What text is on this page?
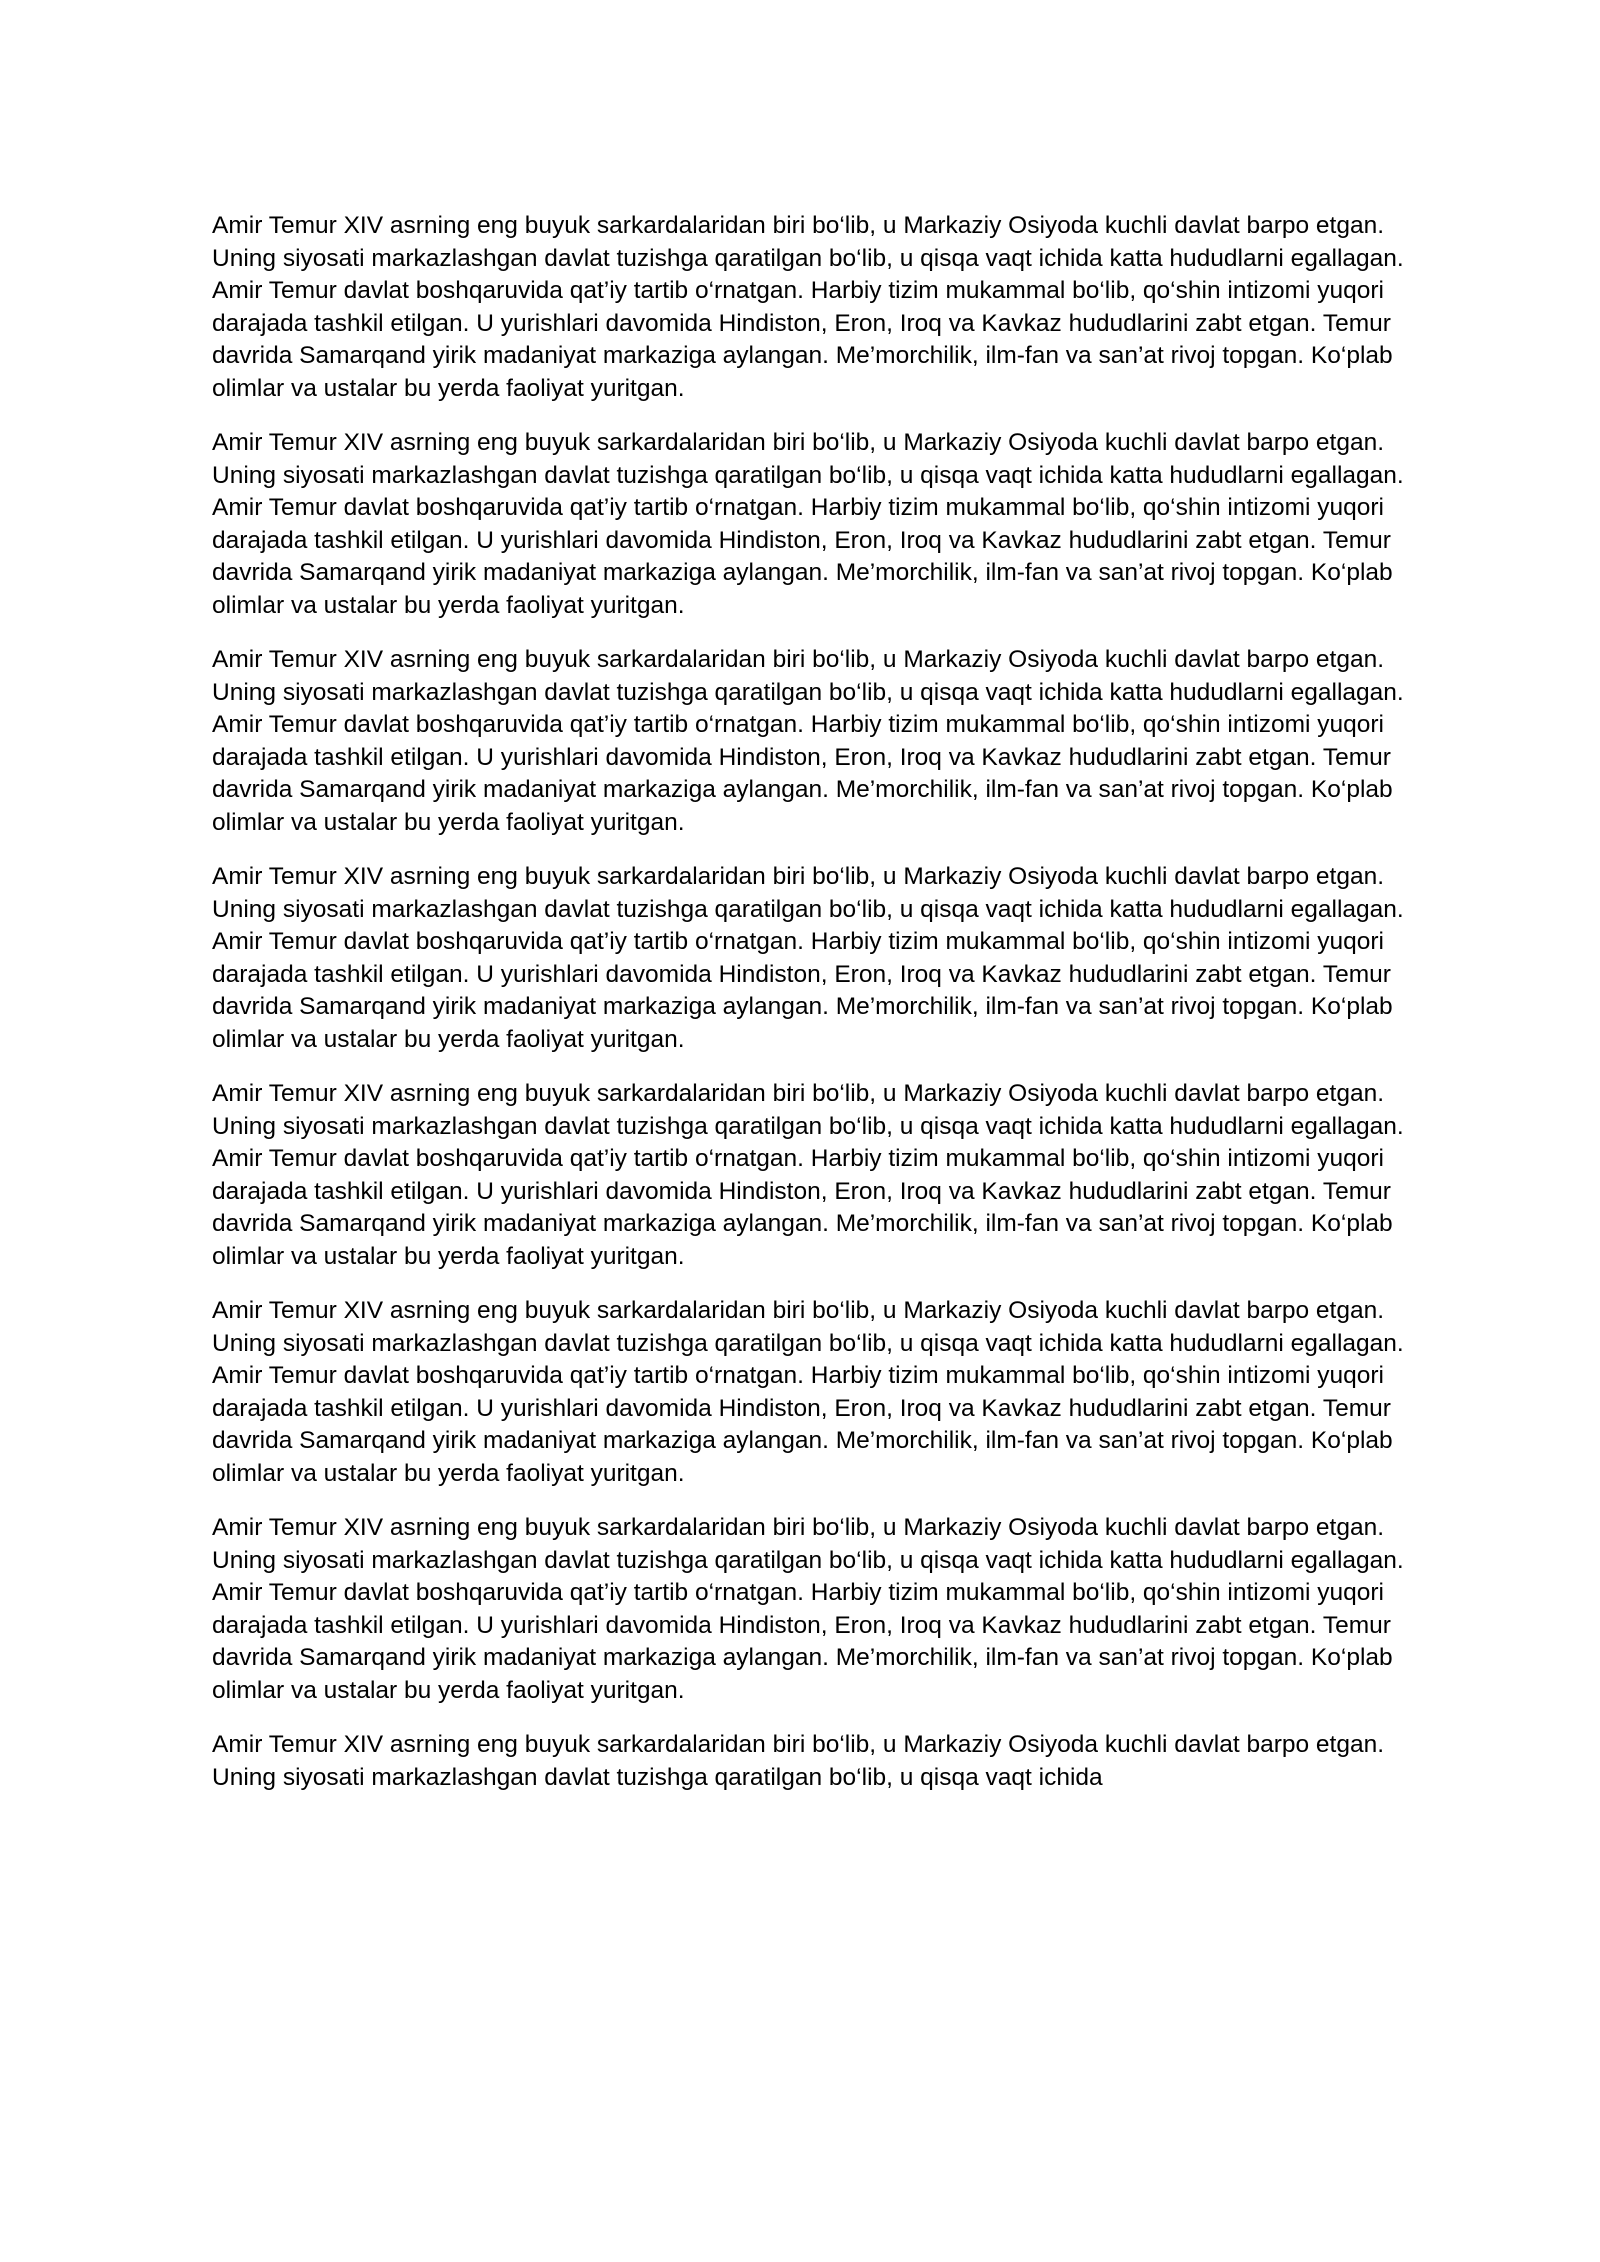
Amir Temur XIV asrning eng buyuk sarkardalaridan biri bo‘lib, u Markaziy Osiyoda kuchli davlat barpo etgan. Uning siyosati markazlashgan davlat tuzishga qaratilgan bo‘lib, u qisqa vaqt ichida katta hududlarni egallagan. Amir Temur davlat boshqaruvida qat’iy tartib o‘rnatgan. Harbiy tizim mukammal bo‘lib, qo‘shin intizomi yuqori darajada tashkil etilgan. U yurishlari davomida Hindiston, Eron, Iroq va Kavkaz hududlarini zabt etgan. Temur davrida Samarqand yirik madaniyat markaziga aylangan. Me’morchilik, ilm-fan va san’at rivoj topgan. Ko‘plab olimlar va ustalar bu yerda faoliyat yuritgan.

Amir Temur XIV asrning eng buyuk sarkardalaridan biri bo‘lib, u Markaziy Osiyoda kuchli davlat barpo etgan. Uning siyosati markazlashgan davlat tuzishga qaratilgan bo‘lib, u qisqa vaqt ichida katta hududlarni egallagan. Amir Temur davlat boshqaruvida qat’iy tartib o‘rnatgan. Harbiy tizim mukammal bo‘lib, qo‘shin intizomi yuqori darajada tashkil etilgan. U yurishlari davomida Hindiston, Eron, Iroq va Kavkaz hududlarini zabt etgan. Temur davrida Samarqand yirik madaniyat markaziga aylangan. Me’morchilik, ilm-fan va san’at rivoj topgan. Ko‘plab olimlar va ustalar bu yerda faoliyat yuritgan.

Amir Temur XIV asrning eng buyuk sarkardalaridan biri bo‘lib, u Markaziy Osiyoda kuchli davlat barpo etgan. Uning siyosati markazlashgan davlat tuzishga qaratilgan bo‘lib, u qisqa vaqt ichida katta hududlarni egallagan. Amir Temur davlat boshqaruvida qat’iy tartib o‘rnatgan. Harbiy tizim mukammal bo‘lib, qo‘shin intizomi yuqori darajada tashkil etilgan. U yurishlari davomida Hindiston, Eron, Iroq va Kavkaz hududlarini zabt etgan. Temur davrida Samarqand yirik madaniyat markaziga aylangan. Me’morchilik, ilm-fan va san’at rivoj topgan. Ko‘plab olimlar va ustalar bu yerda faoliyat yuritgan.

Amir Temur XIV asrning eng buyuk sarkardalaridan biri bo‘lib, u Markaziy Osiyoda kuchli davlat barpo etgan. Uning siyosati markazlashgan davlat tuzishga qaratilgan bo‘lib, u qisqa vaqt ichida katta hududlarni egallagan. Amir Temur davlat boshqaruvida qat’iy tartib o‘rnatgan. Harbiy tizim mukammal bo‘lib, qo‘shin intizomi yuqori darajada tashkil etilgan. U yurishlari davomida Hindiston, Eron, Iroq va Kavkaz hududlarini zabt etgan. Temur davrida Samarqand yirik madaniyat markaziga aylangan. Me’morchilik, ilm-fan va san’at rivoj topgan. Ko‘plab olimlar va ustalar bu yerda faoliyat yuritgan.

Amir Temur XIV asrning eng buyuk sarkardalaridan biri bo‘lib, u Markaziy Osiyoda kuchli davlat barpo etgan. Uning siyosati markazlashgan davlat tuzishga qaratilgan bo‘lib, u qisqa vaqt ichida katta hududlarni egallagan. Amir Temur davlat boshqaruvida qat’iy tartib o‘rnatgan. Harbiy tizim mukammal bo‘lib, qo‘shin intizomi yuqori darajada tashkil etilgan. U yurishlari davomida Hindiston, Eron, Iroq va Kavkaz hududlarini zabt etgan. Temur davrida Samarqand yirik madaniyat markaziga aylangan. Me’morchilik, ilm-fan va san’at rivoj topgan. Ko‘plab olimlar va ustalar bu yerda faoliyat yuritgan.

Amir Temur XIV asrning eng buyuk sarkardalaridan biri bo‘lib, u Markaziy Osiyoda kuchli davlat barpo etgan. Uning siyosati markazlashgan davlat tuzishga qaratilgan bo‘lib, u qisqa vaqt ichida katta hududlarni egallagan. Amir Temur davlat boshqaruvida qat’iy tartib o‘rnatgan. Harbiy tizim mukammal bo‘lib, qo‘shin intizomi yuqori darajada tashkil etilgan. U yurishlari davomida Hindiston, Eron, Iroq va Kavkaz hududlarini zabt etgan. Temur davrida Samarqand yirik madaniyat markaziga aylangan. Me’morchilik, ilm-fan va san’at rivoj topgan. Ko‘plab olimlar va ustalar bu yerda faoliyat yuritgan.

Amir Temur XIV asrning eng buyuk sarkardalaridan biri bo‘lib, u Markaziy Osiyoda kuchli davlat barpo etgan. Uning siyosati markazlashgan davlat tuzishga qaratilgan bo‘lib, u qisqa vaqt ichida katta hududlarni egallagan. Amir Temur davlat boshqaruvida qat’iy tartib o‘rnatgan. Harbiy tizim mukammal bo‘lib, qo‘shin intizomi yuqori darajada tashkil etilgan. U yurishlari davomida Hindiston, Eron, Iroq va Kavkaz hududlarini zabt etgan. Temur davrida Samarqand yirik madaniyat markaziga aylangan. Me’morchilik, ilm-fan va san’at rivoj topgan. Ko‘plab olimlar va ustalar bu yerda faoliyat yuritgan.

Amir Temur XIV asrning eng buyuk sarkardalaridan biri bo‘lib, u Markaziy Osiyoda kuchli davlat barpo etgan. Uning siyosati markazlashgan davlat tuzishga qaratilgan bo‘lib, u qisqa vaqt ichida
